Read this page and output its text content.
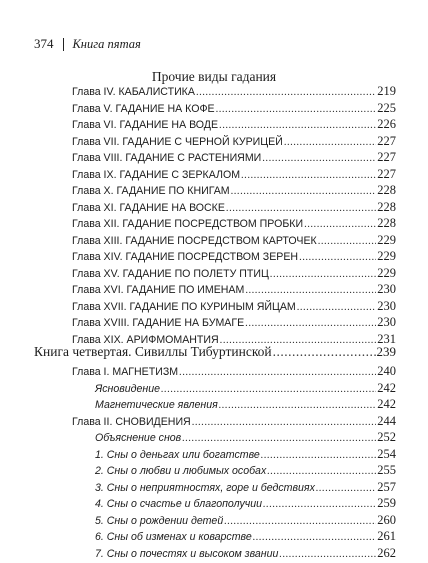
374 Книга пятая
Прочие виды гадания
Глава IV. КАБАЛИСТИКА .....	219
Глава V. ГАДАНИЕ НА КОФЕ .....	225
Глава VI. ГАДАНИЕ НА ВОДЕ .....	226
Глава VII. ГАДАНИЕ С ЧЕРНОЙ КУРИЦЕЙ .....	227
Глава VIII. ГАДАНИЕ С РАСТЕНИЯМИ .....	227
Глава IX. ГАДАНИЕ С ЗЕРКАЛОМ .....	227
Глава X. ГАДАНИЕ ПО КНИГАМ .....	228
Глава XI. ГАДАНИЕ НА ВОСКЕ .....	228
Глава XII. ГАДАНИЕ ПОСРЕДСТВОМ ПРОБКИ .....	228
Глава XIII. ГАДАНИЕ ПОСРЕДСТВОМ КАРТОЧЕК .....	229
Глава XIV. ГАДАНИЕ ПОСРЕДСТВОМ ЗЕРЕН .....	229
Глава XV. ГАДАНИЕ ПО ПОЛЕТУ ПТИЦ .....	229
Глава XVI. ГАДАНИЕ ПО ИМЕНАМ .....	230
Глава XVII. ГАДАНИЕ ПО КУРИНЫМ ЯЙЦАМ .....	230
Глава XVIII. ГАДАНИЕ НА БУМАГЕ .....	230
Глава XIX. АРИФМОМАНТИЯ .....	231
Книга четвертая. Сивиллы Тибуртинской .....	239
Глава I. МАГНЕТИЗМ .....	240
Ясновидение .....	242
Магнетические явления .....	242
Глава II. СНОВИДЕНИЯ .....	244
Объяснение снов .....	252
1. Сны о деньгах или богатстве .....	254
2. Сны о любви и любимых особах .....	255
3. Сны о неприятностях, горе и бедствиях .....	257
4. Сны о счастье и благополучии .....	259
5. Сны о рождении детей .....	260
6. Сны об изменах и коварстве .....	261
7. Сны о почестях и высоком звании .....	262
